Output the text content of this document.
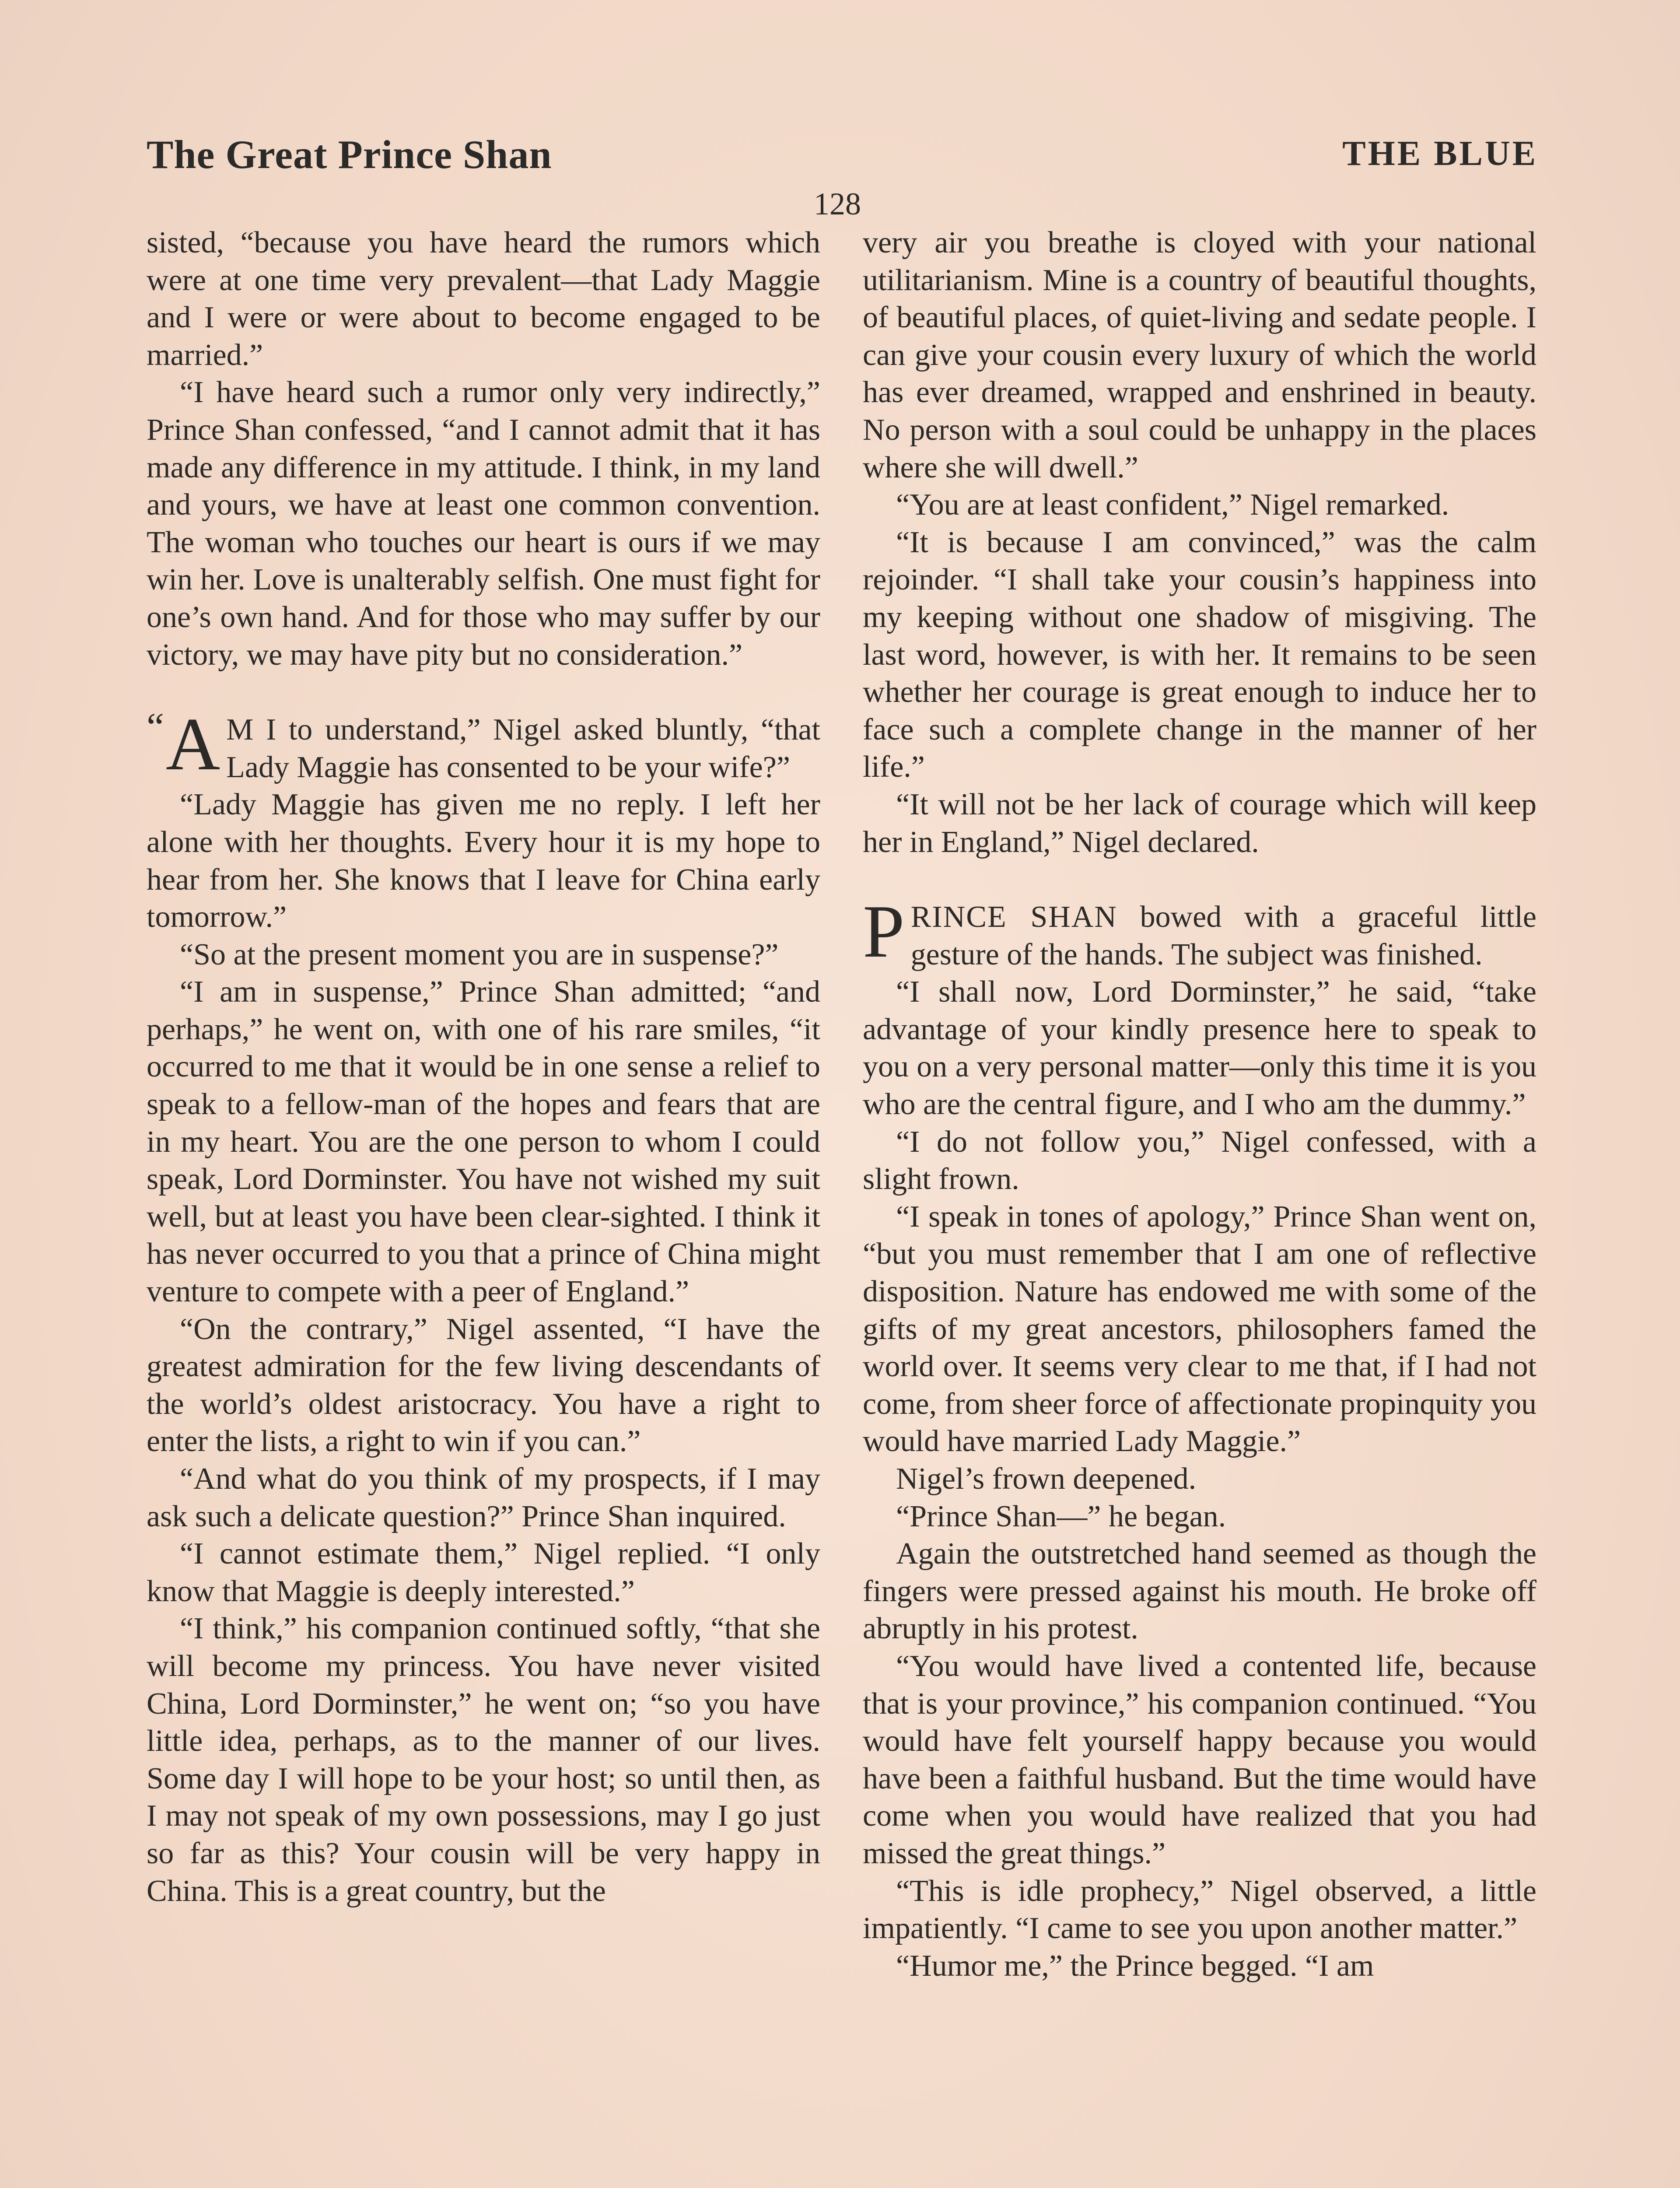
The Great Prince Shan	THE BLUE
128

sisted, “because you have heard the rumors which were at one time very prevalent—that Lady Maggie and I were or were about to become engaged to be married.”

“I have heard such a rumor only very indirectly,” Prince Shan confessed, “and I cannot admit that it has made any difference in my attitude. I think, in my land and yours, we have at least one common convention. The woman who touches our heart is ours if we may win her. Love is unalterably selfish. One must fight for one’s own hand. And for those who may suffer by our victory, we may have pity but no consideration.”

“ A M I to understand,” Nigel asked bluntly, “that Lady Maggie has consented to be your wife?”

“Lady Maggie has given me no reply. I left her alone with her thoughts. Every hour it is my hope to hear from her. She knows that I leave for China early tomorrow.”

“So at the present moment you are in suspense?”

“I am in suspense,” Prince Shan admitted; “and perhaps,” he went on, with one of his rare smiles, “it occurred to me that it would be in one sense a relief to speak to a fellow-man of the hopes and fears that are in my heart. You are the one person to whom I could speak, Lord Dorminster. You have not wished my suit well, but at least you have been clear-sighted. I think it has never occurred to you that a prince of China might venture to compete with a peer of England.”

“On the contrary,” Nigel assented, “I have the greatest admiration for the few living descendants of the world’s oldest aristocracy. You have a right to enter the lists, a right to win if you can.”

“And what do you think of my prospects, if I may ask such a delicate question?” Prince Shan inquired.

“I cannot estimate them,” Nigel replied. “I only know that Maggie is deeply interested.”

“I think,” his companion continued softly, “that she will become my princess. You have never visited China, Lord Dorminster,” he went on; “so you have little idea, perhaps, as to the manner of our lives. Some day I will hope to be your host; so until then, as I may not speak of my own possessions, may I go just so far as this? Your cousin will be very happy in China. This is a great country, but the

very air you breathe is cloyed with your national utilitarianism. Mine is a country of beautiful thoughts, of beautiful places, of quiet-living and sedate people. I can give your cousin every luxury of which the world has ever dreamed, wrapped and enshrined in beauty. No person with a soul could be unhappy in the places where she will dwell.”

“You are at least confident,” Nigel remarked.

“It is because I am convinced,” was the calm rejoinder. “I shall take your cousin’s happiness into my keeping without one shadow of misgiving. The last word, however, is with her. It remains to be seen whether her courage is great enough to induce her to face such a complete change in the manner of her life.”

“It will not be her lack of courage which will keep her in England,” Nigel declared.

PRINCE SHAN bowed with a graceful little gesture of the hands. The subject was finished.

“I shall now, Lord Dorminster,” he said, “take advantage of your kindly presence here to speak to you on a very personal matter—only this time it is you who are the central figure, and I who am the dummy.”

“I do not follow you,” Nigel confessed, with a slight frown.

“I speak in tones of apology,” Prince Shan went on, “but you must remember that I am one of reflective disposition. Nature has endowed me with some of the gifts of my great ancestors, philosophers famed the world over. It seems very clear to me that, if I had not come, from sheer force of affectionate propinquity you would have married Lady Maggie.”

Nigel’s frown deepened.

“Prince Shan—” he began.

Again the outstretched hand seemed as though the fingers were pressed against his mouth. He broke off abruptly in his protest.

“You would have lived a contented life, because that is your province,” his companion continued. “You would have felt yourself happy because you would have been a faithful husband. But the time would have come when you would have realized that you had missed the great things.”

“This is idle prophecy,” Nigel observed, a little impatiently. “I came to see you upon another matter.”

“Humor me,” the Prince begged. “I am
